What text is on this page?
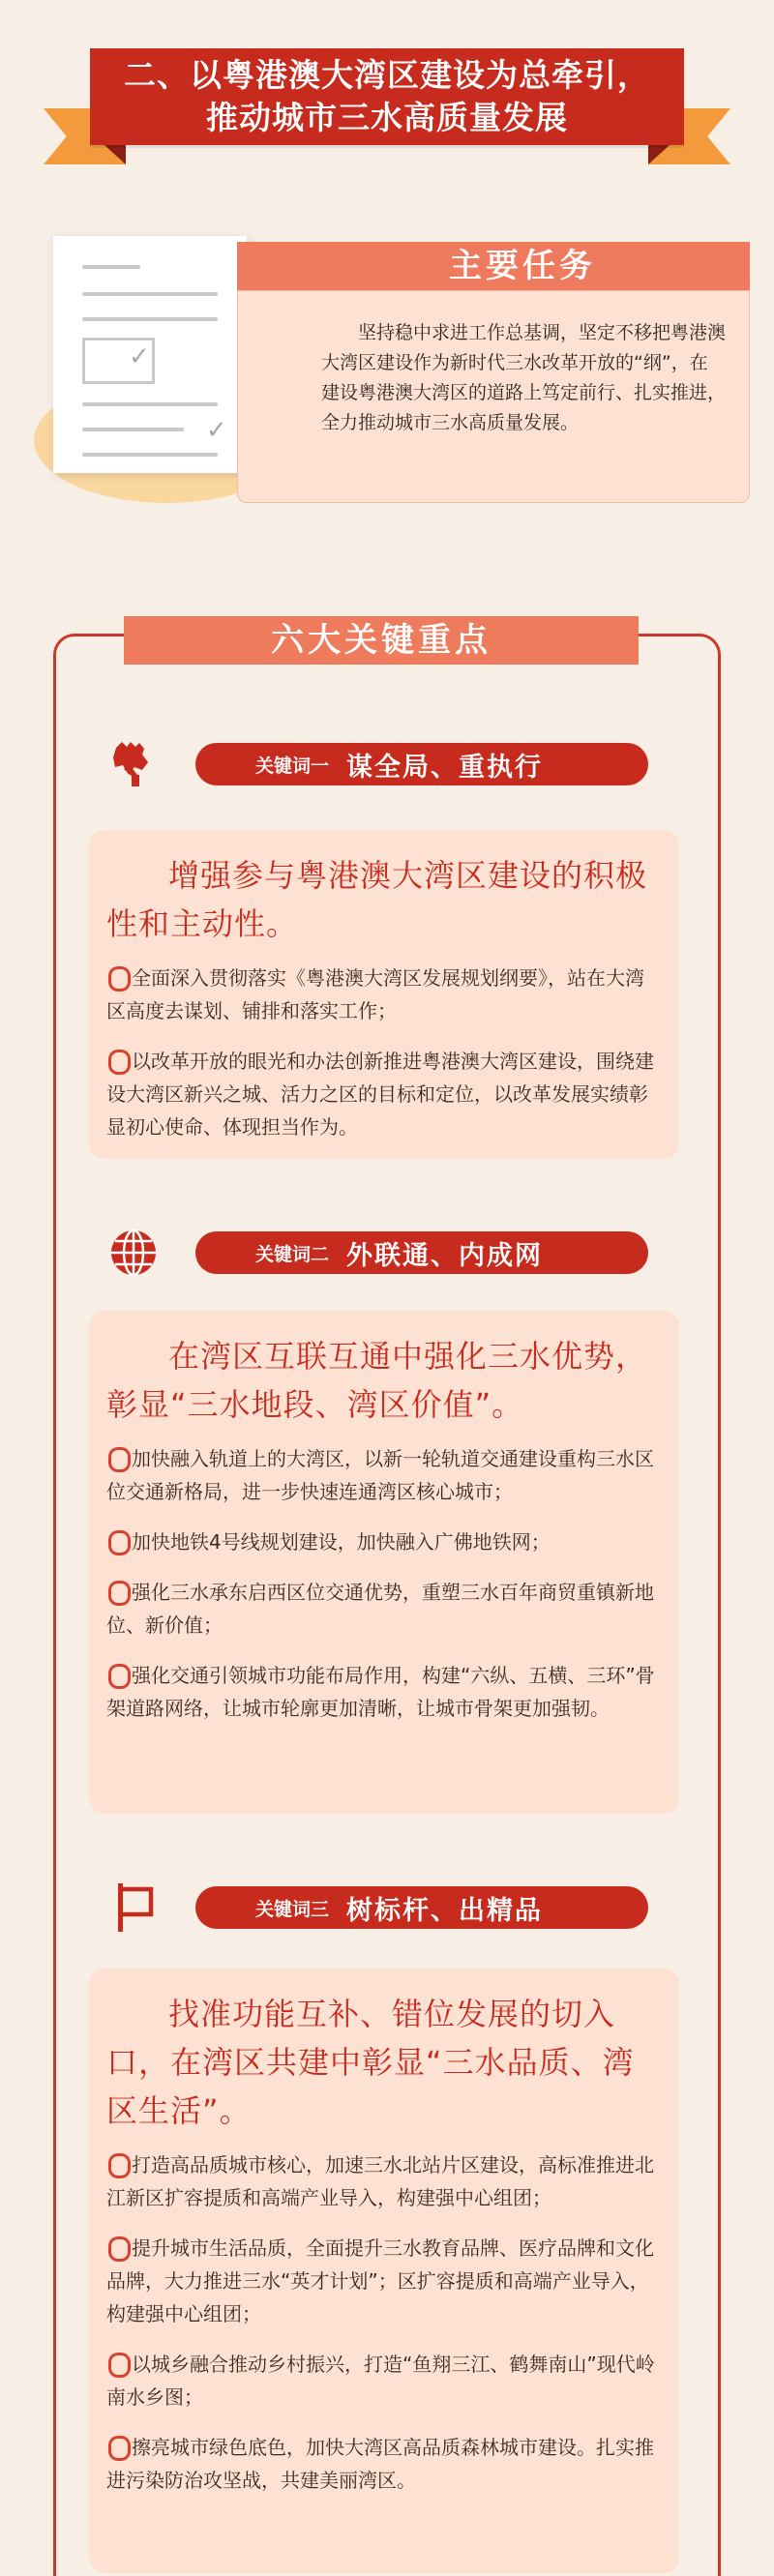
二、以粤港澳大湾区建设为总牵引，
推动城市三水高质量发展
✓
✓
主要任务
坚持稳中求进工作总基调，坚定不移把粤港澳大湾区建设作为新时代三水改革开放的“纲”，在建设粤港澳大湾区的道路上笃定前行、扎实推进，全力推动城市三水高质量发展。
六大关键重点
关键词一 谋全局、重执行
增强参与粤港澳大湾区建设的积极性和主动性。
全面深入贯彻落实《粤港澳大湾区发展规划纲要》，站在大湾区高度去谋划、铺排和落实工作；
以改革开放的眼光和办法创新推进粤港澳大湾区建设，围绕建设大湾区新兴之城、活力之区的目标和定位，以改革发展实绩彰显初心使命、体现担当作为。
关键词二 外联通、内成网
在湾区互联互通中强化三水优势，彰显“三水地段、湾区价值”。
加快融入轨道上的大湾区，以新一轮轨道交通建设重构三水区位交通新格局，进一步快速连通湾区核心城市；
加快地铁4号线规划建设，加快融入广佛地铁网；
强化三水承东启西区位交通优势，重塑三水百年商贸重镇新地位、新价值；
强化交通引领城市功能布局作用，构建“六纵、五横、三环”骨架道路网络，让城市轮廓更加清晰，让城市骨架更加强韧。
关键词三 树标杆、出精品
找准功能互补、错位发展的切入口，在湾区共建中彰显“三水品质、湾区生活”。
打造高品质城市核心，加速三水北站片区建设，高标准推进北江新区扩容提质和高端产业导入，构建强中心组团；
提升城市生活品质，全面提升三水教育品牌、医疗品牌和文化品牌，大力推进三水“英才计划”；区扩容提质和高端产业导入，构建强中心组团；
以城乡融合推动乡村振兴，打造“鱼翔三江、鹤舞南山”现代岭南水乡图；
擦亮城市绿色底色，加快大湾区高品质森林城市建设。扎实推进污染防治攻坚战，共建美丽湾区。
